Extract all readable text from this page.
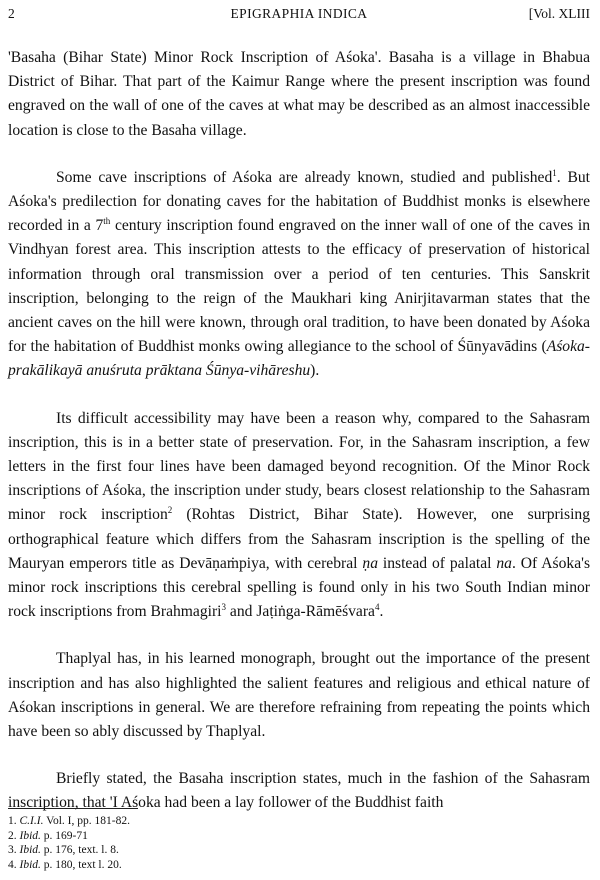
2	EPIGRAPHIA INDICA	[Vol. XLIII

'Basaha (Bihar State) Minor Rock Inscription of Aśoka'. Basaha is a village in Bhabua District of Bihar. That part of the Kaimur Range where the present inscription was found engraved on the wall of one of the caves at what may be described as an almost inaccessible location is close to the Basaha village.

Some cave inscriptions of Aśoka are already known, studied and published$^1$. But Aśoka's predilection for donating caves for the habitation of Buddhist monks is elsewhere recorded in a 7th century inscription found engraved on the inner wall of one of the caves in Vindhyan forest area. This inscription attests to the efficacy of preservation of historical information through oral transmission over a period of ten centuries. This Sanskrit inscription, belonging to the reign of the Maukhari king Anirjitavarman states that the ancient caves on the hill were known, through oral tradition, to have been donated by Aśoka for the habitation of Buddhist monks owing allegiance to the school of Śūnyavādins (Aśoka-prakālikayā anuśruta prāktana Śūnya-vihāreshu).

Its difficult accessibility may have been a reason why, compared to the Sahasram inscription, this is in a better state of preservation. For, in the Sahasram inscription, a few letters in the first four lines have been damaged beyond recognition. Of the Minor Rock inscriptions of Aśoka, the inscription under study, bears closest relationship to the Sahasram minor rock inscription$^2$ (Rohtas District, Bihar State). However, one surprising orthographical feature which differs from the Sahasram inscription is the spelling of the Mauryan emperors title as Devāṇaṁpiya, with cerebral ṇa instead of palatal na. Of Aśoka's minor rock inscriptions this cerebral spelling is found only in his two South Indian minor rock inscriptions from Brahmagiri$^3$ and Jaṭiṅga-Rāmēśvara$^4$.

Thaplyal has, in his learned monograph, brought out the importance of the present inscription and has also highlighted the salient features and religious and ethical nature of Aśokan inscriptions in general. We are therefore refraining from repeating the points which have been so ably discussed by Thaplyal.

Briefly stated, the Basaha inscription states, much in the fashion of the Sahasram inscription, that 'I Aśoka had been a lay follower of the Buddhist faith

1. C.I.I. Vol. I, pp. 181-82.
2. Ibid. p. 169-71
3. Ibid. p. 176, text. l. 8.
4. Ibid. p. 180, text l. 20.
